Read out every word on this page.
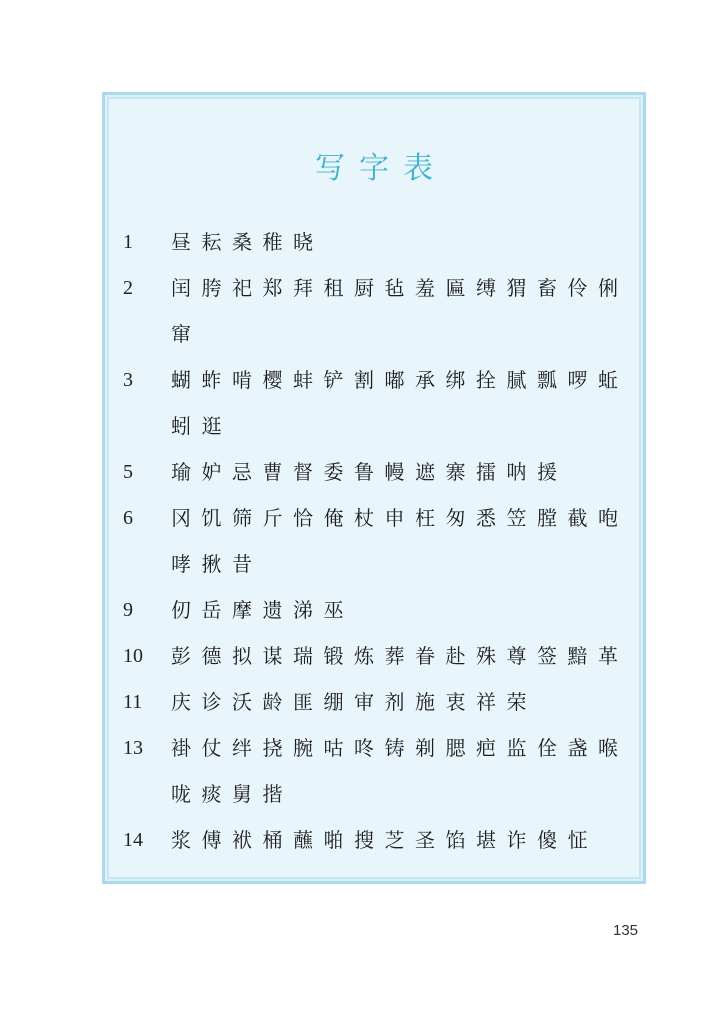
写字表
1	昼耘桑稚晓
2	闰胯祀郑拜租厨毡羞匾缚猬畜伶俐窜
3	蝴蚱啃樱蚌铲割嘟承绑拴腻瓢啰蚯蚓逛
5	瑜妒忌曹督委鲁幔遮寨擂呐援
6	冈饥筛斤恰俺杖申枉匆悉笠膛截咆哮揪昔
9	仞岳摩遗涕巫
10	彭德拟谋瑞锻炼葬眷赴殊尊签黯革
11	庆诊沃龄匪绷审剂施衷祥荣
13	褂仗绊挠腕咕咚铸剃腮疤监佺盏喉咙痰舅揩
14	浆傅袱桶蘸啪搜芝圣馅堪诈傻怔
135
